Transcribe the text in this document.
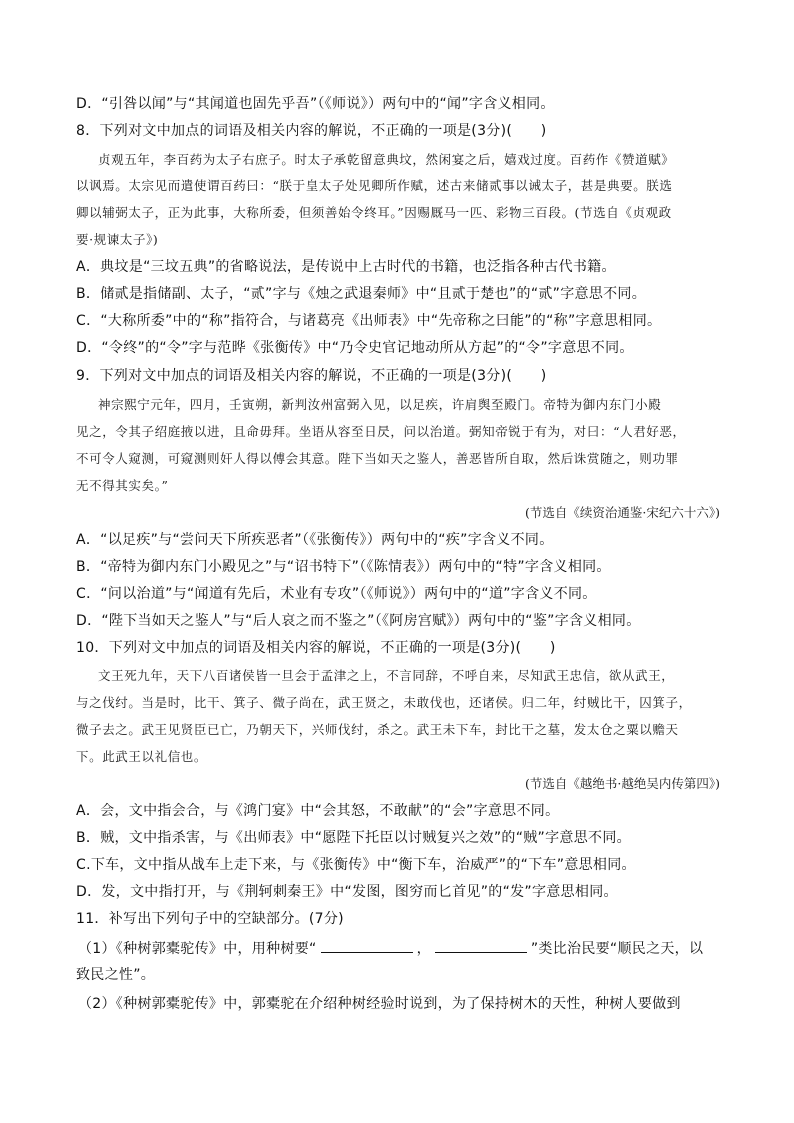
D．“引咎以闻”与“其闻道也固先乎吾”（《师说》）两句中的“闻”字含义相同。
8．下列对文中加点的词语及相关内容的解说，不正确的一项是(3分)(　　)
贞观五年，李百药为太子右庶子。时太子承乾留意典坟，然闲宴之后，嬉戏过度。百药作《赞道赋》
以讽焉。太宗见而遣使谓百药曰：“朕于皇太子处见卿所作赋，述古来储贰事以诫太子，甚是典要。朕选
卿以辅弼太子，正为此事，大称所委，但须善始令终耳。”因赐厩马一匹、彩物三百段。(节选自《贞观政
要·规谏太子》)
A．典坟是“三坟五典”的省略说法，是传说中上古时代的书籍，也泛指各种古代书籍。
B．储贰是指储副、太子，“贰”字与《烛之武退秦师》中“且贰于楚也”的“贰”字意思不同。
C．“大称所委”中的“称”指符合，与诸葛亮《出师表》中“先帝称之曰能”的“称”字意思相同。
D．“令终”的“令”字与范晔《张衡传》中“乃令史官记地动所从方起”的“令”字意思不同。
9．下列对文中加点的词语及相关内容的解说，不正确的一项是(3分)(　　)
神宗熙宁元年，四月，壬寅朔，新判汝州富弼入见，以足疾，许肩舆至殿门。帝特为御内东门小殿
见之，令其子绍庭掖以进，且命毋拜。坐语从容至日昃，问以治道。弼知帝锐于有为，对曰：“人君好恶，
不可令人窥测，可窥测则奸人得以傅会其意。陛下当如天之鉴人，善恶皆所自取，然后诛赏随之，则功罪
无不得其实矣。”
(节选自《续资治通鉴·宋纪六十六》)
A．“以足疾”与“尝问天下所疾恶者”（《张衡传》）两句中的“疾”字含义不同。
B．“帝特为御内东门小殿见之”与“诏书特下”（《陈情表》）两句中的“特”字含义相同。
C．“问以治道”与“闻道有先后，术业有专攻”（《师说》）两句中的“道”字含义不同。
D．“陛下当如天之鉴人”与“后人哀之而不鉴之”（《阿房宫赋》）两句中的“鉴”字含义相同。
10．下列对文中加点的词语及相关内容的解说，不正确的一项是(3分)(　　)
文王死九年，天下八百诸侯皆一旦会于孟津之上，不言同辞，不呼自来，尽知武王忠信，欲从武王，
与之伐纣。当是时，比干、箕子、微子尚在，武王贤之，未敢伐也，还诸侯。归二年，纣贼比干，囚箕子，
微子去之。武王见贤臣已亡，乃朝天下，兴师伐纣，杀之。武王未下车，封比干之墓，发太仓之粟以赡天
下。此武王以礼信也。
(节选自《越绝书·越绝吴内传第四》)
A．会，文中指会合，与《鸿门宴》中“会其怒，不敢献”的“会”字意思不同。
B．贼，文中指杀害，与《出师表》中“愿陛下托臣以讨贼复兴之效”的“贼”字意思不同。
C.下车，文中指从战车上走下来，与《张衡传》中“衡下车，治威严”的“下车”意思相同。
D．发，文中指打开，与《荆轲刺秦王》中“发图，图穷而匕首见”的“发”字意思相同。
11．补写出下列句子中的空缺部分。(7分)
（1）《种树郭橐驼传》中，用种树要“	，	”类比治民要“顺民之天，以
致民之性”。
（2）《种树郭橐驼传》中，郭橐驼在介绍种树经验时说到，为了保持树木的天性，种树人要做到
